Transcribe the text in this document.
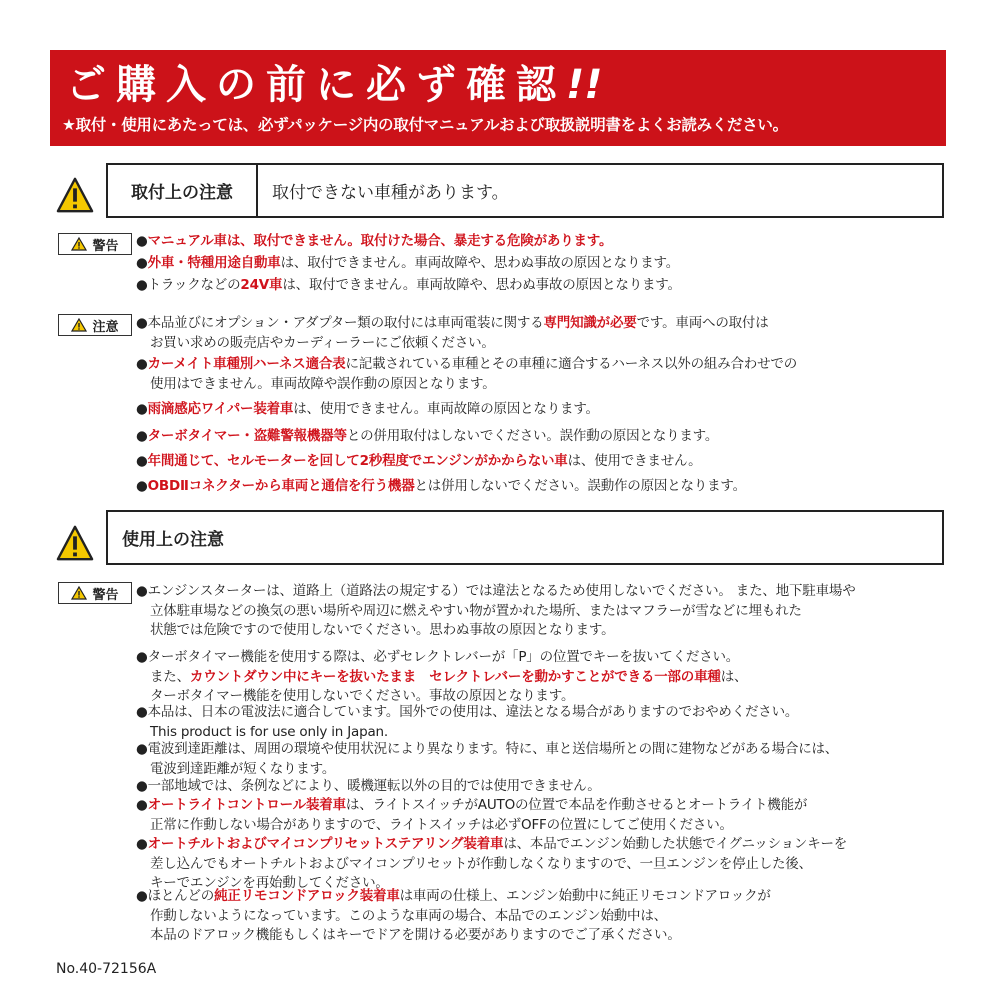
ご購入の前に必ず確認!!
★取付・使用にあたっては、必ずパッケージ内の取付マニュアルおよび取扱説明書をよくお読みください。
取付上の注意	取付できない車種があります。
警告 ●マニュアル車は、取付できません。取付けた場合、暴走する危険があります。
●外車・特種用途自動車は、取付できません。車両故障や、思わぬ事故の原因となります。
●トラックなどの24V車は、取付できません。車両故障や、思わぬ事故の原因となります。
注意 ●本品並びにオプション・アダプター類の取付には車両電装に関する専門知識が必要です。車両への取付は
お買い求めの販売店やカーディーラーにご依頼ください。
●カーメイト車種別ハーネス適合表に記載されている車種とその車種に適合するハーネス以外の組み合わせでの
使用はできません。車両故障や誤作動の原因となります。
●雨滴感応ワイパー装着車は、使用できません。車両故障の原因となります。
●ターボタイマー・盗難警報機器等との併用取付はしないでください。誤作動の原因となります。
●年間通じて、セルモーターを回して2秒程度でエンジンがかからない車は、使用できません。
●OBDⅡコネクターから車両と通信を行う機器とは併用しないでください。誤動作の原因となります。
使用上の注意
警告 ●エンジンスターターは、道路上（道路法の規定する）では違法となるため使用しないでください。 また、地下駐車場や
立体駐車場などの換気の悪い場所や周辺に燃えやすい物が置かれた場所、またはマフラーが雪などに埋もれた
状態では危険ですので使用しないでください。思わぬ事故の原因となります。
●ターボタイマー機能を使用する際は、必ずセレクトレバーが「P」の位置でキーを抜いてください。
また、カウントダウン中にキーを抜いたまま　セレクトレバーを動かすことができる一部の車種は、
ターボタイマー機能を使用しないでください。事故の原因となります。
●本品は、日本の電波法に適合しています。国外での使用は、違法となる場合がありますのでおやめください。
This product is for use only in Japan.
●電波到達距離は、周囲の環境や使用状況により異なります。特に、車と送信場所との間に建物などがある場合には、
電波到達距離が短くなります。
●一部地域では、条例などにより、暖機運転以外の目的では使用できません。
●オートライトコントロール装着車は、ライトスイッチがAUTOの位置で本品を作動させるとオートライト機能が
正常に作動しない場合がありますので、ライトスイッチは必ずOFFの位置にしてご使用ください。
●オートチルトおよびマイコンプリセットステアリング装着車は、本品でエンジン始動した状態でイグニッションキーを
差し込んでもオートチルトおよびマイコンプリセットが作動しなくなりますので、一旦エンジンを停止した後、
キーでエンジンを再始動してください。
●ほとんどの純正リモコンドアロック装着車は車両の仕様上、エンジン始動中に純正リモコンドアロックが
作動しないようになっています。このような車両の場合、本品でのエンジン始動中は、
本品のドアロック機能もしくはキーでドアを開ける必要がありますのでご了承ください。
No.40-72156A
